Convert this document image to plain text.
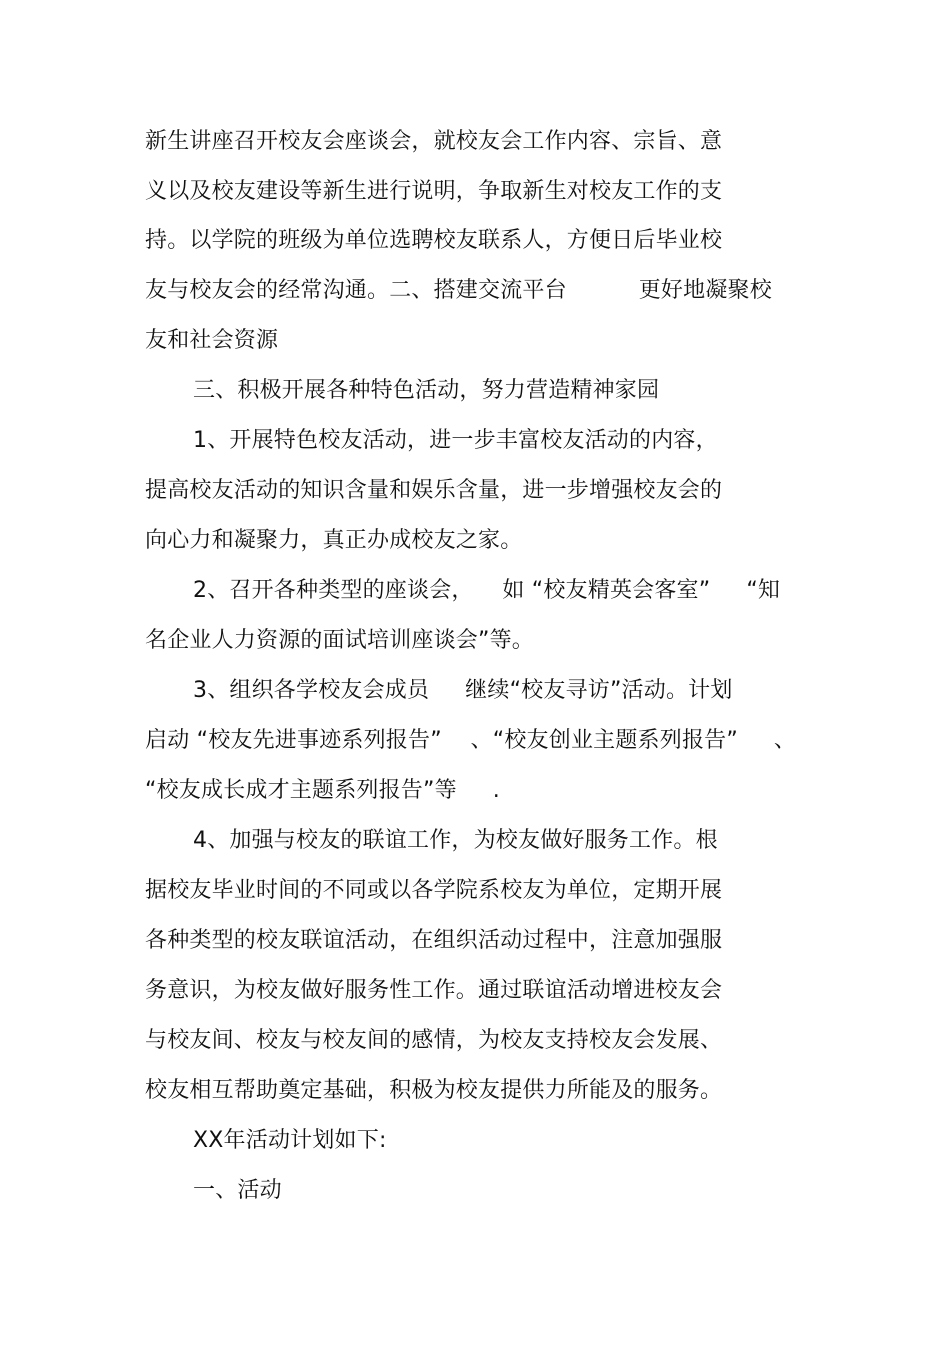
新生讲座召开校友会座谈会，就校友会工作内容、宗旨、意
义以及校友建设等新生进行说明，争取新生对校友工作的支
持。以学院的班级为单位选聘校友联系人，方便日后毕业校
友与校友会的经常沟通。二、搭建交流平台          更好地凝聚校
友和社会资源
三、积极开展各种特色活动，努力营造精神家园
1、开展特色校友活动，进一步丰富校友活动的内容，
提高校友活动的知识含量和娱乐含量，进一步增强校友会的
向心力和凝聚力，真正办成校友之家。
2、召开各种类型的座谈会，    如 “校友精英会客室”     “知
名企业人力资源的面试培训座谈会”等。
3、组织各学校友会成员     继续“校友寻访”活动。计划
启动 “校友先进事迹系列报告”    、“校友创业主题系列报告”     、
“校友成长成才主题系列报告”等     .
4、加强与校友的联谊工作，为校友做好服务工作。根
据校友毕业时间的不同或以各学院系校友为单位，定期开展
各种类型的校友联谊活动，在组织活动过程中，注意加强服
务意识，为校友做好服务性工作。通过联谊活动增进校友会
与校友间、校友与校友间的感情，为校友支持校友会发展、
校友相互帮助奠定基础，积极为校友提供力所能及的服务。
XX年活动计划如下:
一、活动
